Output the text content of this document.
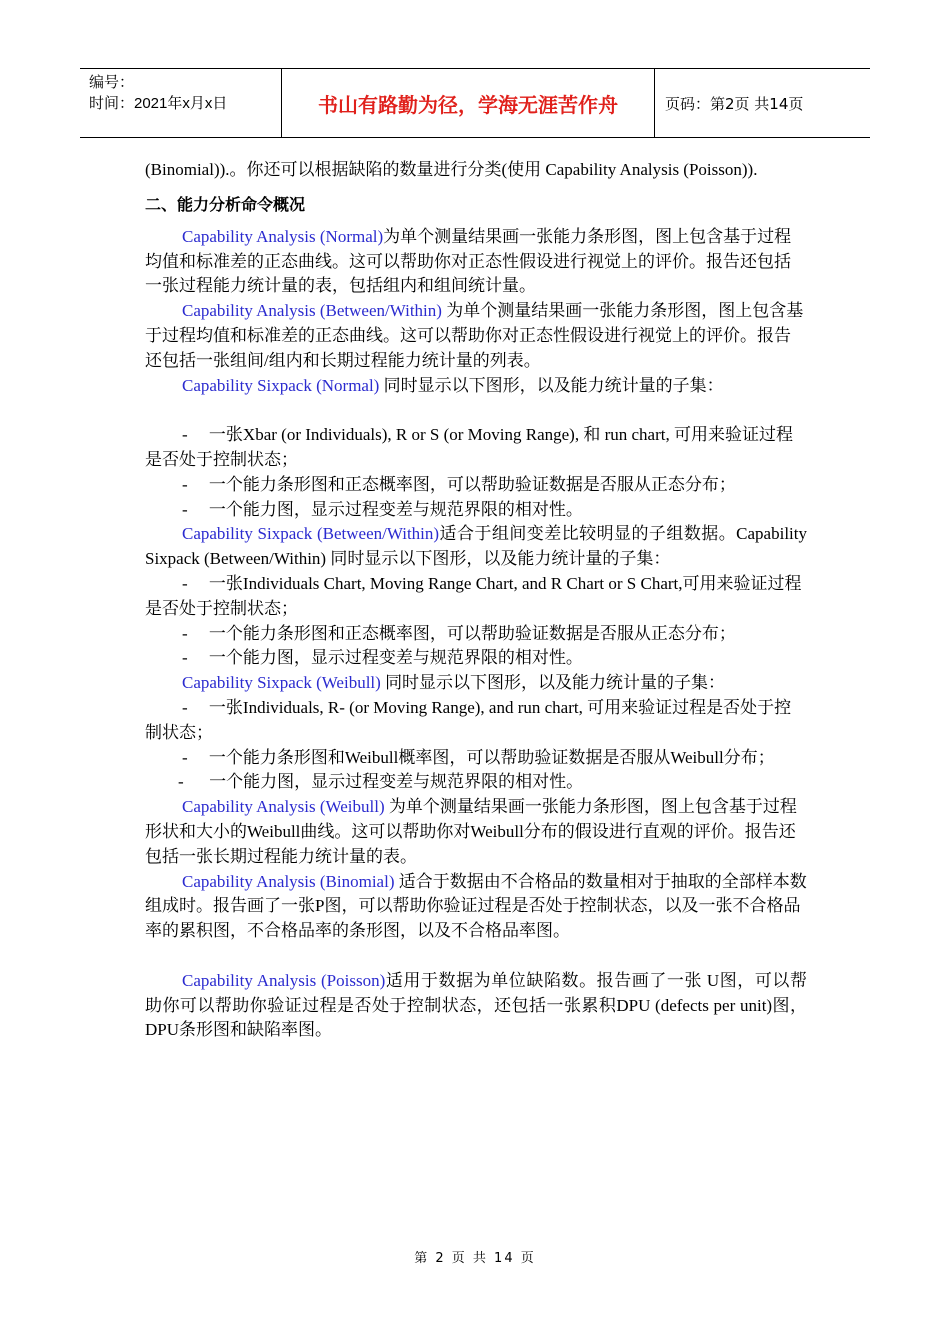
编号：
时间：2021年x月x日	书山有路勤为径，学海无涯苦作舟	页码：第2页 共14页

(Binomial)).。你还可以根据缺陷的数量进行分类(使用 Capability Analysis (Poisson)).

二、能力分析命令概况

Capability Analysis (Normal)为单个测量结果画一张能力条形图，图上包含基于过程均值和标准差的正态曲线。这可以帮助你对正态性假设进行视觉上的评价。报告还包括一张过程能力统计量的表，包括组内和组间统计量。

Capability Analysis (Between/Within) 为单个测量结果画一张能力条形图，图上包含基于过程均值和标准差的正态曲线。这可以帮助你对正态性假设进行视觉上的评价。报告还包括一张组间/组内和长期过程能力统计量的列表。

Capability Sixpack (Normal) 同时显示以下图形，以及能力统计量的子集：

- 一张Xbar (or Individuals), R or S (or Moving Range), 和 run chart, 可用来验证过程是否处于控制状态；

- 一个能力条形图和正态概率图，可以帮助验证数据是否服从正态分布；

- 一个能力图，显示过程变差与规范界限的相对性。

Capability Sixpack (Between/Within)适合于组间变差比较明显的子组数据。Capability Sixpack (Between/Within) 同时显示以下图形，以及能力统计量的子集：

- 一张Individuals Chart, Moving Range Chart, and R Chart or S Chart,可用来验证过程是否处于控制状态；

- 一个能力条形图和正态概率图，可以帮助验证数据是否服从正态分布；

- 一个能力图，显示过程变差与规范界限的相对性。

Capability Sixpack (Weibull) 同时显示以下图形，以及能力统计量的子集：

- 一张Individuals, R- (or Moving Range), and run chart, 可用来验证过程是否处于控制状态；

- 一个能力条形图和Weibull概率图，可以帮助验证数据是否服从Weibull分布；

- 一个能力图，显示过程变差与规范界限的相对性。

Capability Analysis (Weibull) 为单个测量结果画一张能力条形图，图上包含基于过程形状和大小的Weibull曲线。这可以帮助你对Weibull分布的假设进行直观的评价。报告还包括一张长期过程能力统计量的表。

Capability Analysis (Binomial) 适合于数据由不合格品的数量相对于抽取的全部样本数组成时。报告画了一张P图，可以帮助你验证过程是否处于控制状态，以及一张不合格品率的累积图，不合格品率的条形图，以及不合格品率图。

Capability Analysis (Poisson)适用于数据为单位缺陷数。报告画了一张 U图，可以帮助你可以帮助你验证过程是否处于控制状态，还包括一张累积DPU (defects per unit)图，DPU条形图和缺陷率图。

第 2 页 共 14 页
